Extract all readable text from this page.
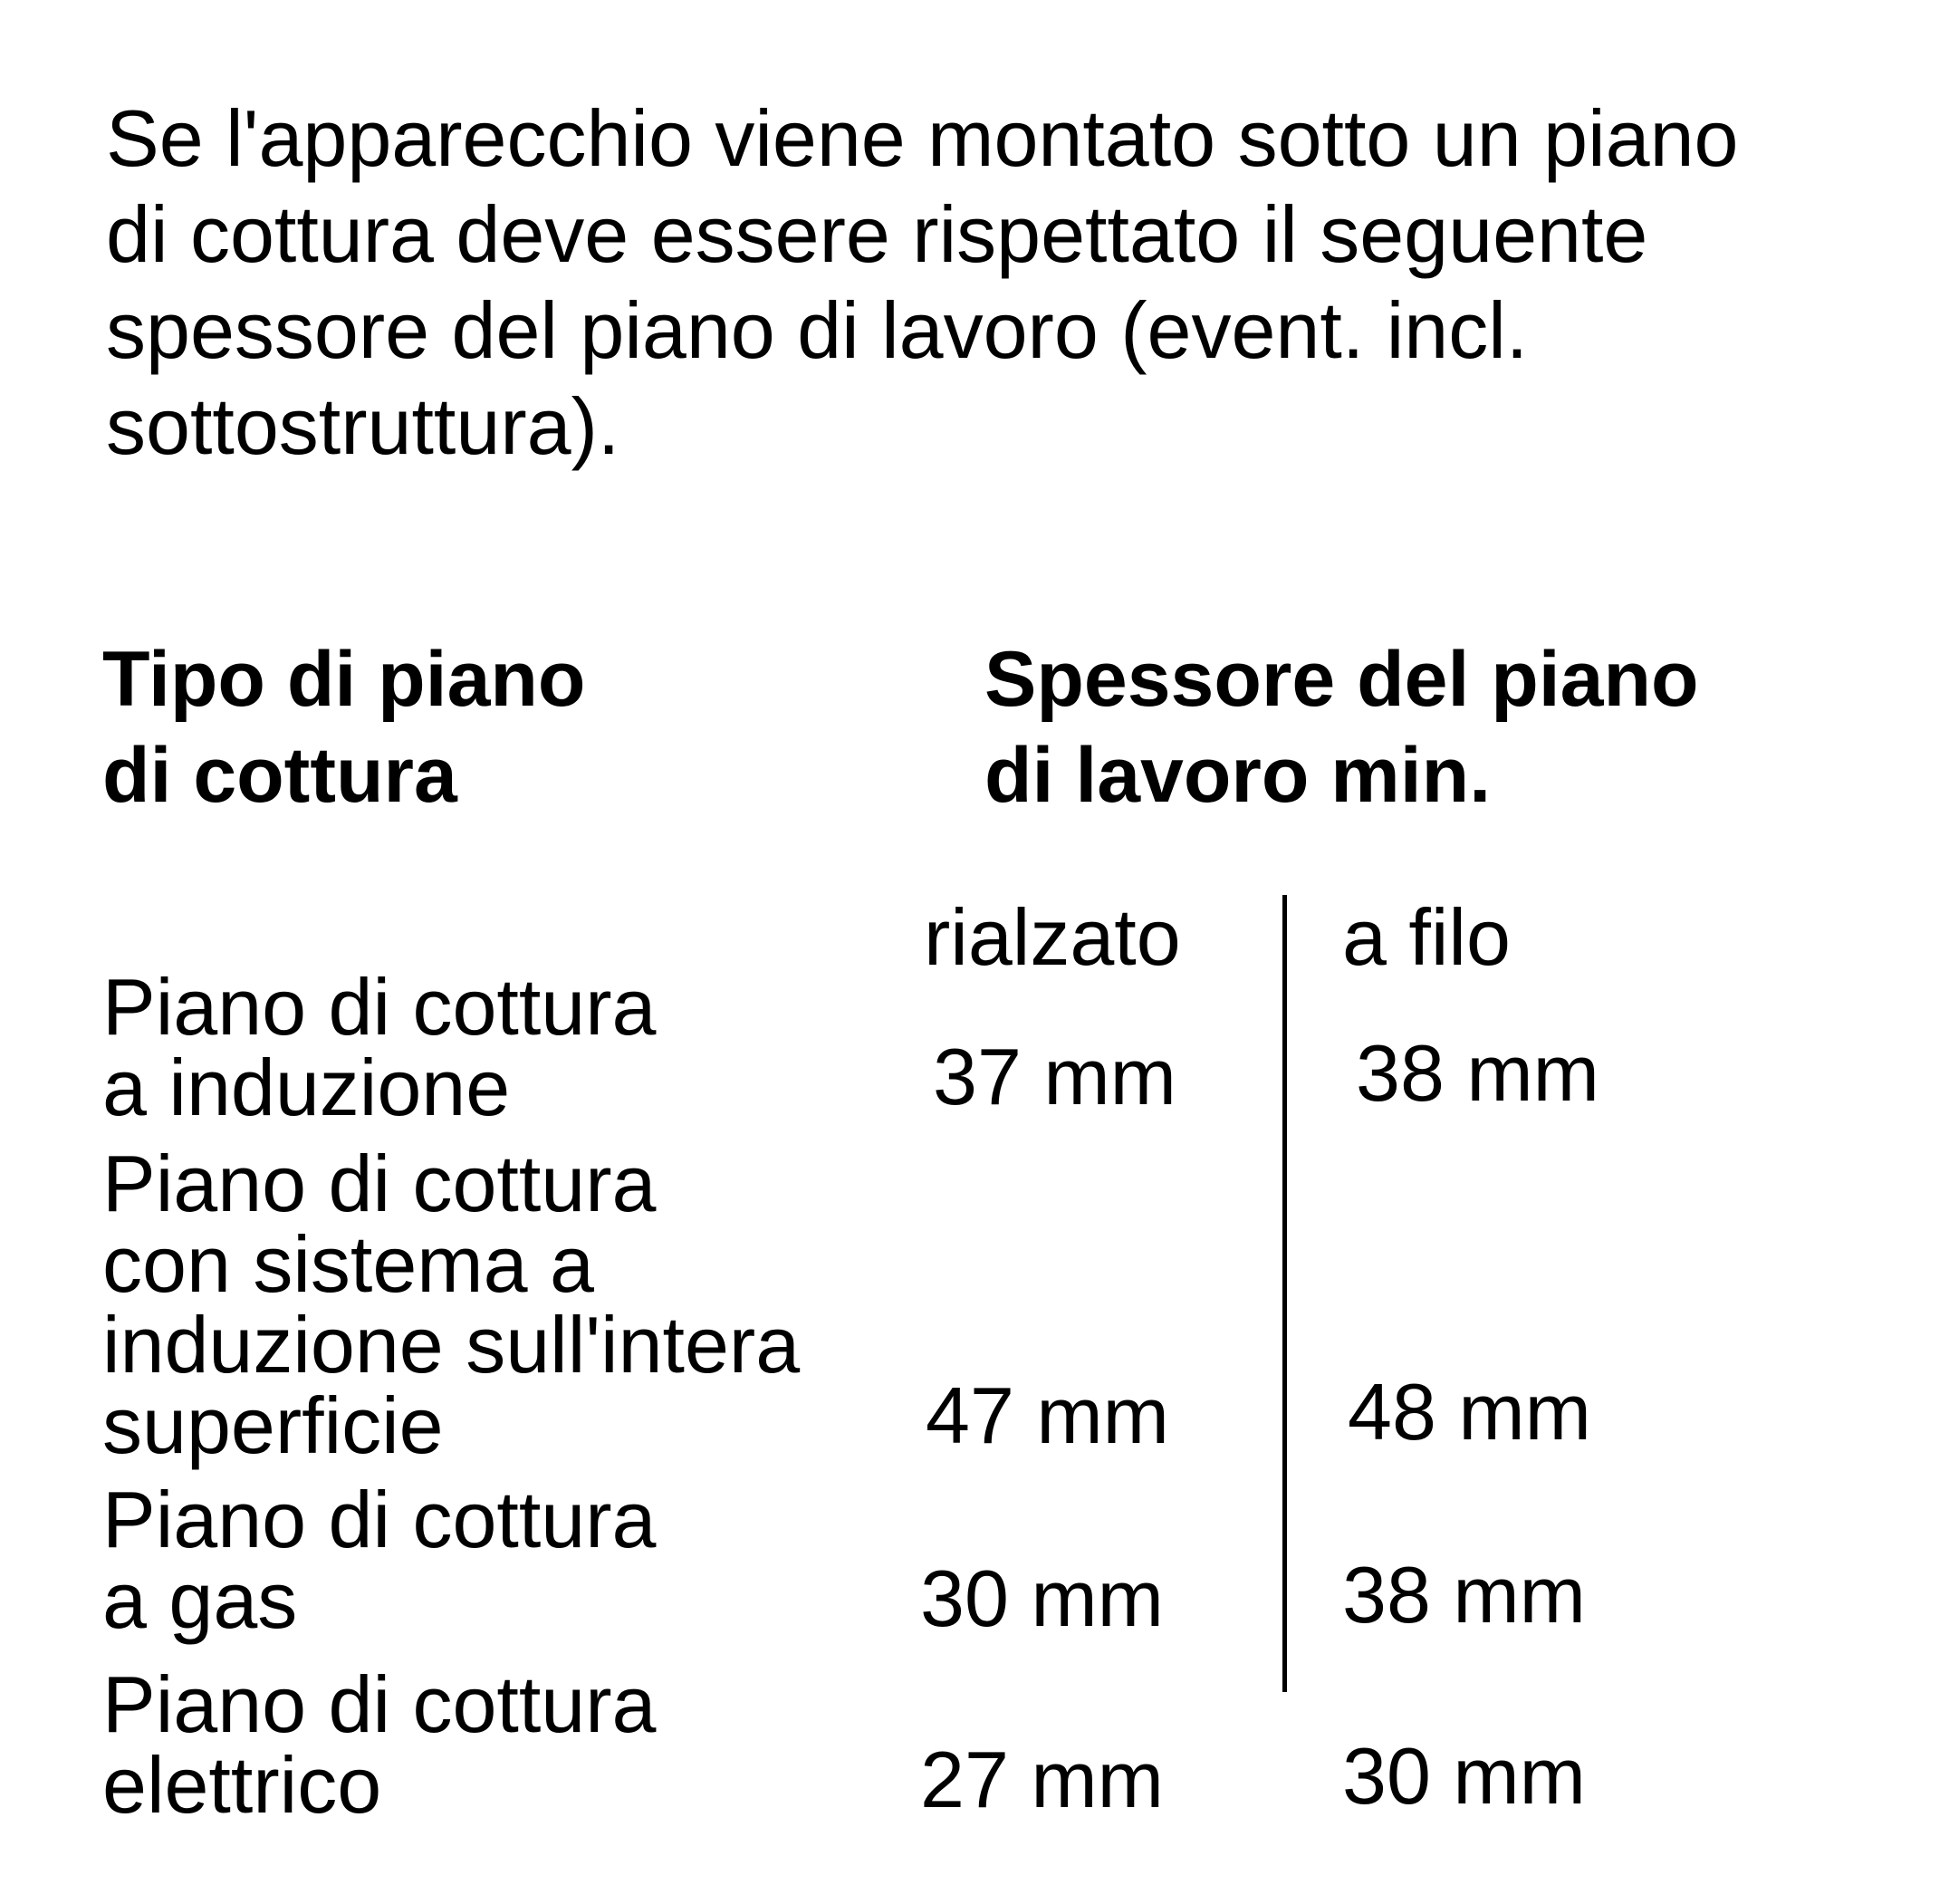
Se l'apparecchio viene montato sotto un piano
di cottura deve essere rispettato il seguente
spessore del piano di lavoro (event. incl.
sottostruttura).

Tipo di piano
di cottura
Spessore del piano
di lavoro min.
rialzato a filo
Piano di cottura
a induzione	37 mm 38 mm
Piano di cottura
con sistema a
induzione sull'intera
superficie	47 mm 48 mm
Piano di cottura
a gas	30 mm 38 mm
Piano di cottura
elettrico	27 mm 30 mm
